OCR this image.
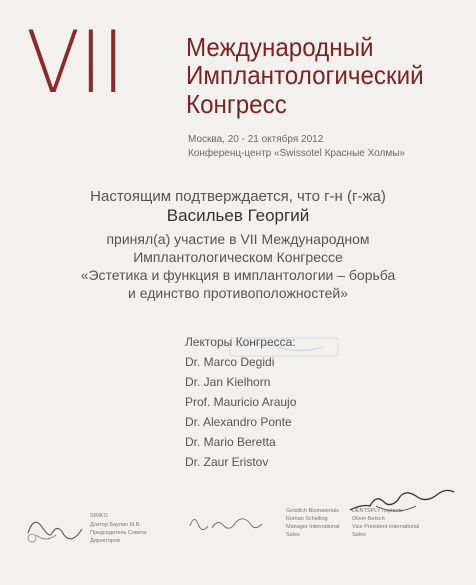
VII Международный
Имплантологический
Конгресс
Москва, 20 - 21 октября 2012
Конференц-центр «Swissotel Красные Холмы»
Настоящим подтверждается, что г-н (г-жа)
Васильев Георгий
принял(а) участие в VII Международном
Имплантологическом Конгрессе
«Эстетика и функция в имплантологии – борьба
и единство противоположностей»
Лекторы Конгресса:
Dr. Marco Degidi
Dr. Jan Kielhorn
Prof. Mauricio Araujo
Dr. Alexandro Ponte
Dr. Mario Beretta
Dr. Zaur Eristov
SIMKO
Доктор Баулин М.В.
Председатель Совета
Директоров
Geistlich Biomaterials
Roman Schelling
Manager International
Sales
DENTSPLY Implants
Oliver Betsch
Vice President International
Sales
